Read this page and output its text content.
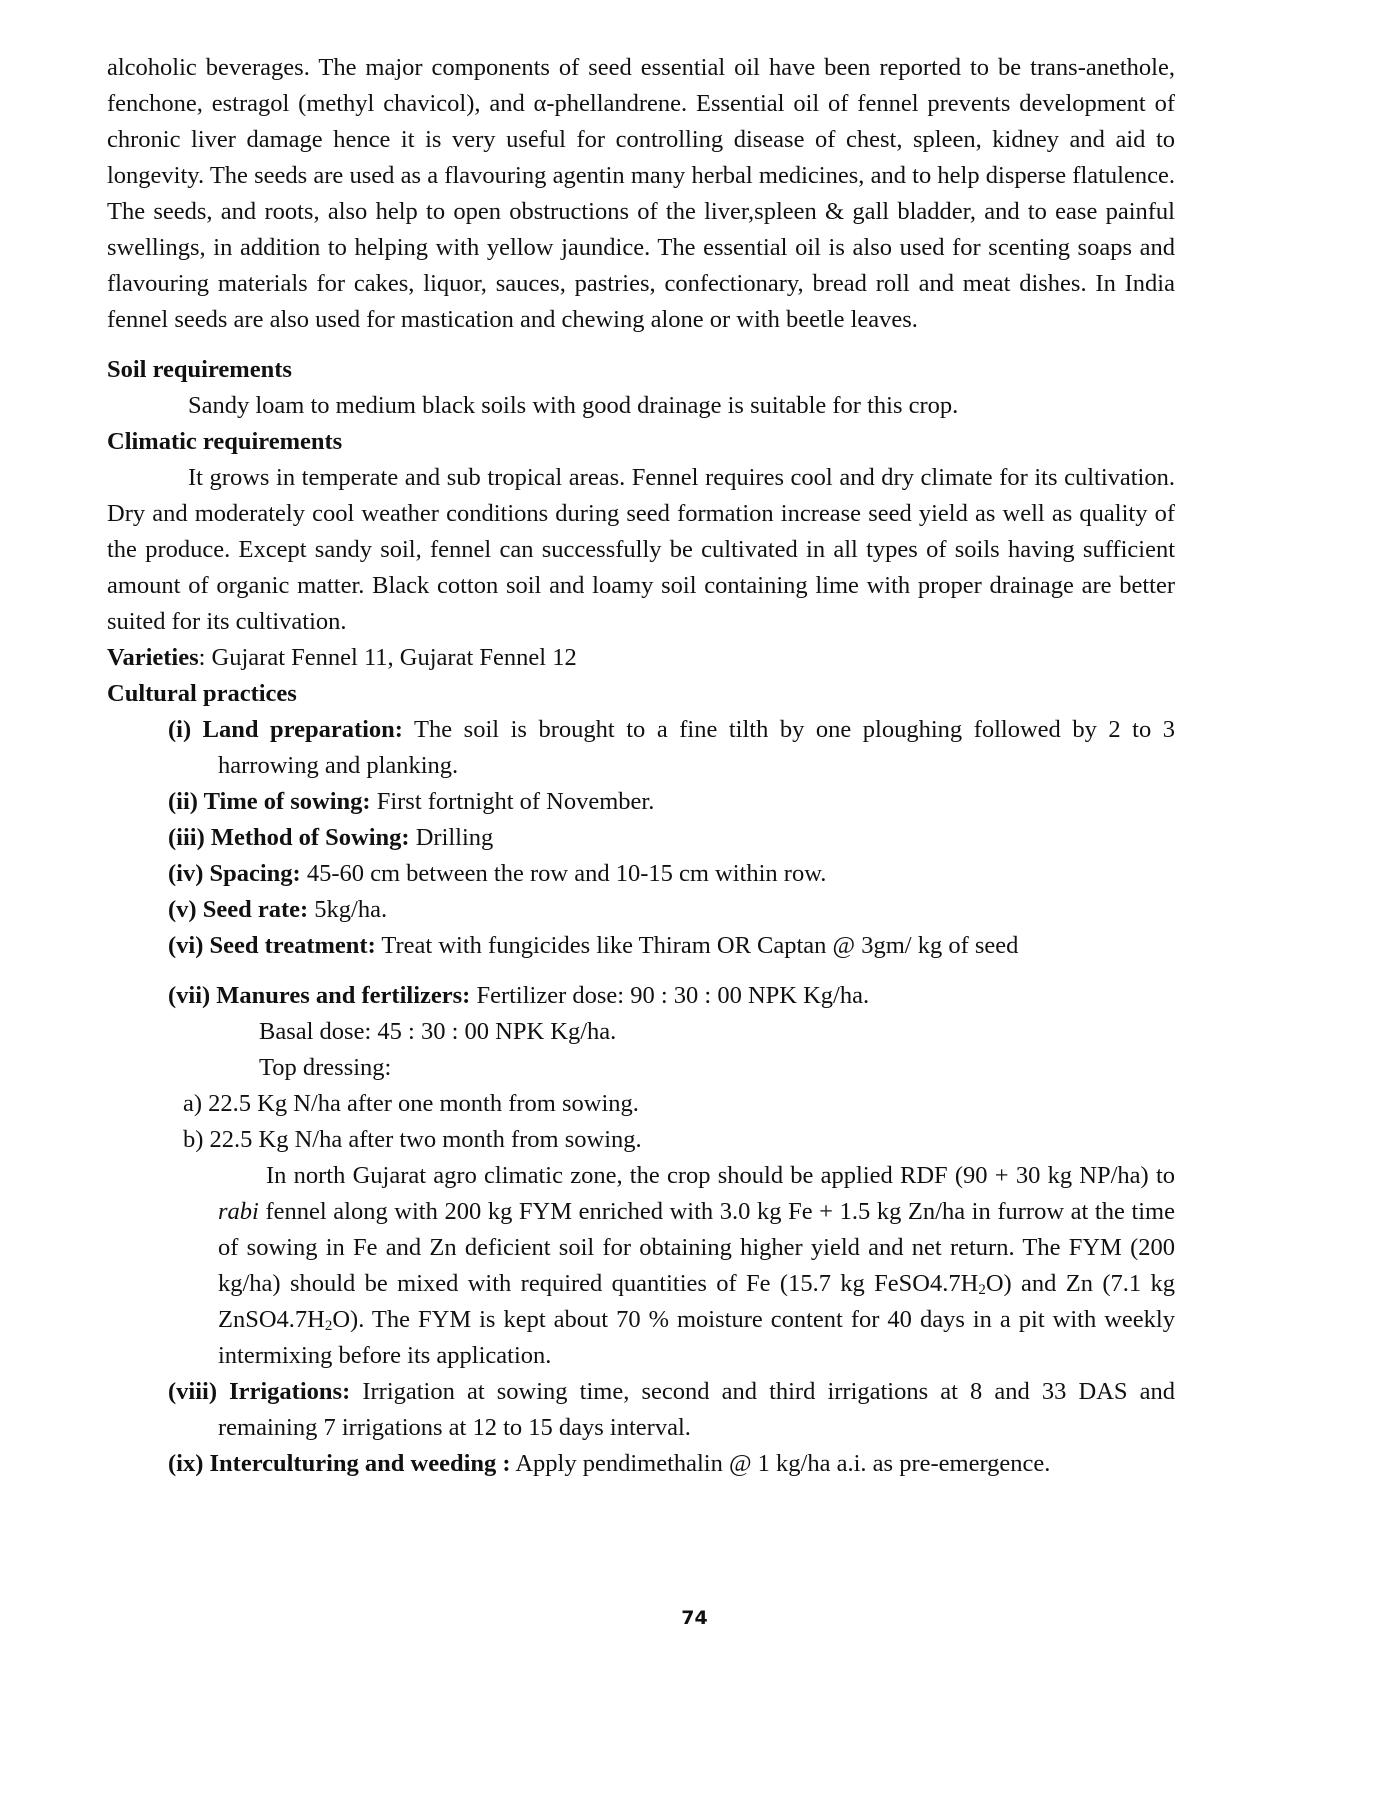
alcoholic beverages. The major components of seed essential oil have been reported to be trans-anethole, fenchone, estragol (methyl chavicol), and α-phellandrene. Essential oil of fennel prevents development of chronic liver damage hence it is very useful for controlling disease of chest, spleen, kidney and aid to longevity. The seeds are used as a flavouring agentin many herbal medicines, and to help disperse flatulence. The seeds, and roots, also help to open obstructions of the liver,spleen & gall bladder, and to ease painful swellings, in addition to helping with yellow jaundice. The essential oil is also used for scenting soaps and flavouring materials for cakes, liquor, sauces, pastries, confectionary, bread roll and meat dishes. In India fennel seeds are also used for mastication and chewing alone or with beetle leaves.

Soil requirements

Sandy loam to medium black soils with good drainage is suitable for this crop.

Climatic requirements

It grows in temperate and sub tropical areas. Fennel requires cool and dry climate for its cultivation. Dry and moderately cool weather conditions during seed formation increase seed yield as well as quality of the produce. Except sandy soil, fennel can successfully be cultivated in all types of soils having sufficient amount of organic matter. Black cotton soil and loamy soil containing lime with proper drainage are better suited for its cultivation.

Varieties: Gujarat Fennel 11, Gujarat Fennel 12

Cultural practices

(i) Land preparation: The soil is brought to a fine tilth by one ploughing followed by 2 to 3 harrowing and planking.

(ii) Time of sowing: First fortnight of November.

(iii) Method of Sowing: Drilling

(iv) Spacing: 45-60 cm between the row and 10-15 cm within row.

(v) Seed rate: 5kg/ha.

(vi) Seed treatment: Treat with fungicides like Thiram OR Captan @ 3gm/ kg of seed

(vii) Manures and fertilizers: Fertilizer dose: 90 : 30 : 00 NPK Kg/ha.

Basal dose: 45 : 30 : 00 NPK Kg/ha.

Top dressing:

a) 22.5 Kg N/ha after one month from sowing.

b) 22.5 Kg N/ha after two month from sowing.

In north Gujarat agro climatic zone, the crop should be applied RDF (90 + 30 kg NP/ha) to rabi fennel along with 200 kg FYM enriched with 3.0 kg Fe + 1.5 kg Zn/ha in furrow at the time of sowing in Fe and Zn deficient soil for obtaining higher yield and net return. The FYM (200 kg/ha) should be mixed with required quantities of Fe (15.7 kg $FeSO4.7H_2O$) and Zn (7.1 kg $ZnSO4.7H_2O$). The FYM is kept about 70 % moisture content for 40 days in a pit with weekly intermixing before its application.

(viii) Irrigations: Irrigation at sowing time, second and third irrigations at 8 and 33 DAS and remaining 7 irrigations at 12 to 15 days interval.

(ix) Interculturing and weeding : Apply pendimethalin @ 1 kg/ha a.i. as pre-emergence.

74
